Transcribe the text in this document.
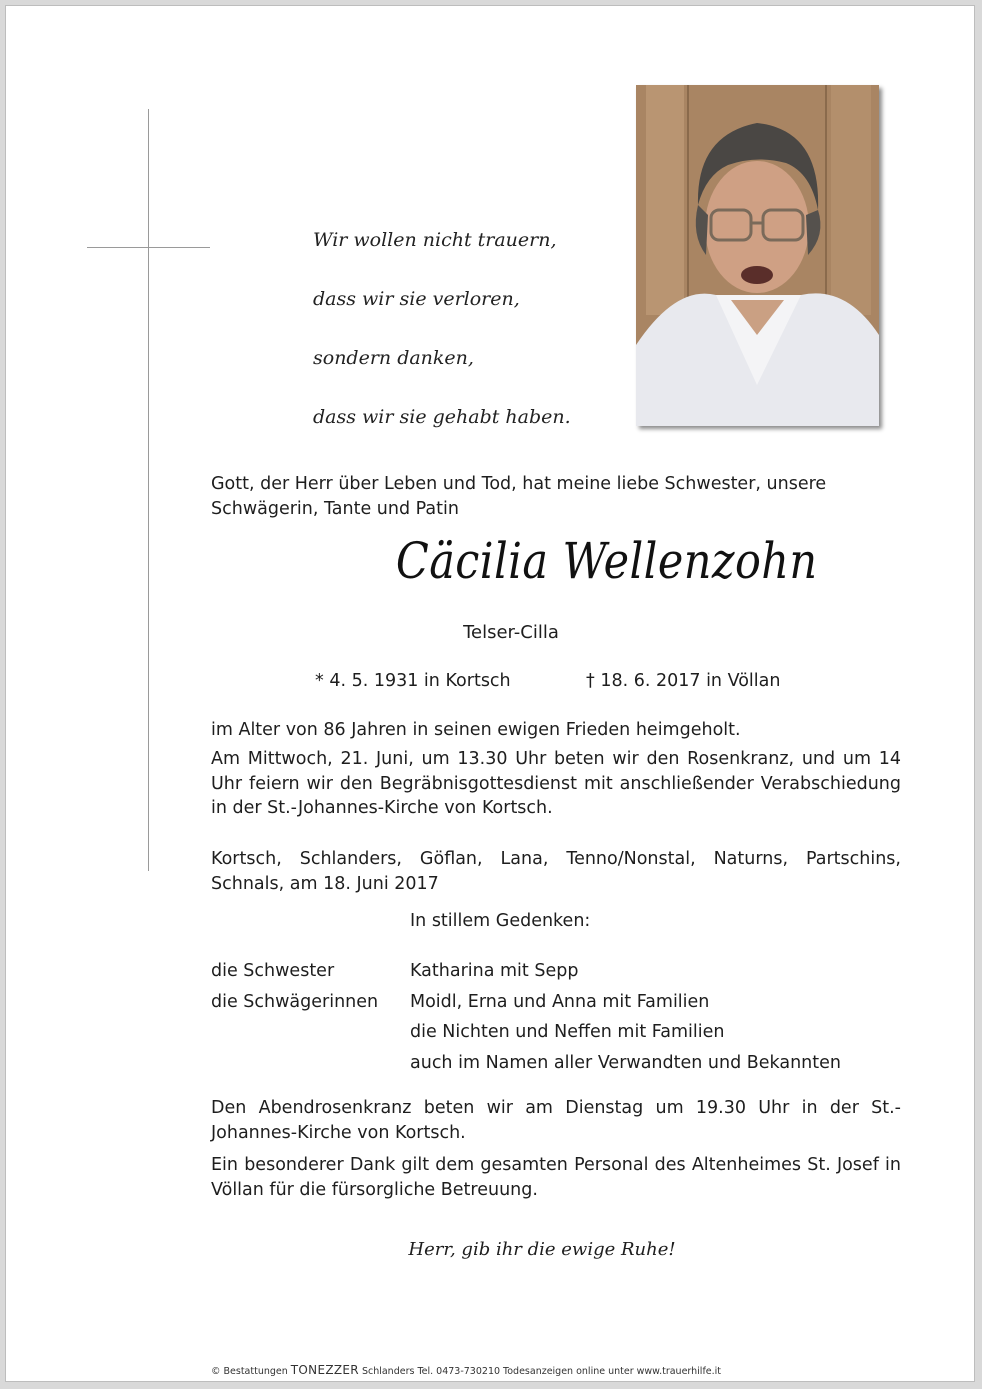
Wir wollen nicht trauern,

dass wir sie verloren,

sondern danken,

dass wir sie gehabt haben.

Gott, der Herr über Leben und Tod, hat meine liebe Schwester, unsere Schwägerin, Tante und Patin
Cäcilia Wellenzohn
Telser-Cilla
* 4. 5. 1931 in Kortsch	† 18. 6. 2017 in Völlan
im Alter von 86 Jahren in seinen ewigen Frieden heimgeholt.
Am Mittwoch, 21. Juni, um 13.30 Uhr beten wir den Rosenkranz, und um 14 Uhr feiern wir den Begräbnisgottesdienst mit anschließender Verabschiedung in der St.-Johannes-Kirche von Kortsch.
Kortsch, Schlanders, Göflan, Lana, Tenno/Nonstal, Naturns, Partschins, Schnals, am 18. Juni 2017
In stillem Gedenken:
die Schwester	Katharina mit Sepp
die Schwägerinnen	Moidl, Erna und Anna mit Familien
die Nichten und Neffen mit Familien
auch im Namen aller Verwandten und Bekannten
Den Abendrosenkranz beten wir am Dienstag um 19.30 Uhr in der St.-Johannes-Kirche von Kortsch.
Ein besonderer Dank gilt dem gesamten Personal des Altenheimes St. Josef in Völlan für die fürsorgliche Betreuung.
Herr, gib ihr die ewige Ruhe!
© Bestattungen TONEZZER Schlanders Tel. 0473-730210 Todesanzeigen online unter www.trauerhilfe.it
